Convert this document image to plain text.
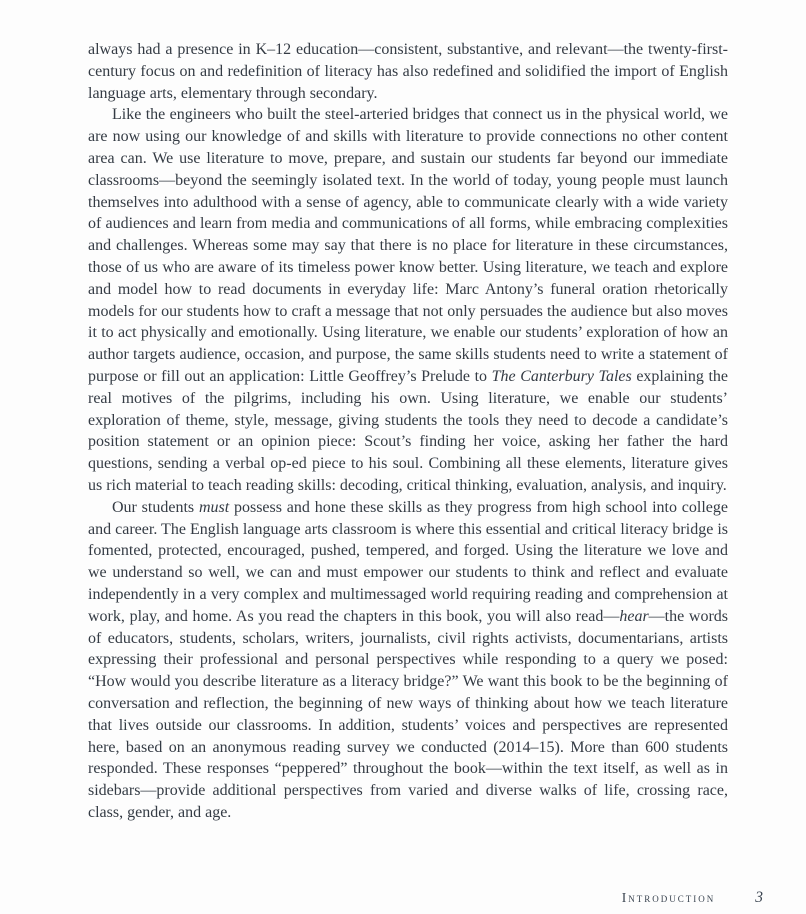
always had a presence in K–12 education—consistent, substantive, and relevant—the twenty-first-century focus on and redefinition of literacy has also redefined and solidified the import of English language arts, elementary through secondary.

Like the engineers who built the steel-arteried bridges that connect us in the physical world, we are now using our knowledge of and skills with literature to provide connections no other content area can. We use literature to move, prepare, and sustain our students far beyond our immediate classrooms—beyond the seemingly isolated text. In the world of today, young people must launch themselves into adulthood with a sense of agency, able to communicate clearly with a wide variety of audiences and learn from media and communications of all forms, while embracing complexities and challenges. Whereas some may say that there is no place for literature in these circumstances, those of us who are aware of its timeless power know better. Using literature, we teach and explore and model how to read documents in everyday life: Marc Antony’s funeral oration rhetorically models for our students how to craft a message that not only persuades the audience but also moves it to act physically and emotionally. Using literature, we enable our students’ exploration of how an author targets audience, occasion, and purpose, the same skills students need to write a statement of purpose or fill out an application: Little Geoffrey’s Prelude to The Canterbury Tales explaining the real motives of the pilgrims, including his own. Using literature, we enable our students’ exploration of theme, style, message, giving students the tools they need to decode a candidate’s position statement or an opinion piece: Scout’s finding her voice, asking her father the hard questions, sending a verbal op-ed piece to his soul. Combining all these elements, literature gives us rich material to teach reading skills: decoding, critical thinking, evaluation, analysis, and inquiry.

Our students must possess and hone these skills as they progress from high school into college and career. The English language arts classroom is where this essential and critical literacy bridge is fomented, protected, encouraged, pushed, tempered, and forged. Using the literature we love and we understand so well, we can and must empower our students to think and reflect and evaluate independently in a very complex and multimessaged world requiring reading and comprehension at work, play, and home. As you read the chapters in this book, you will also read—hear—the words of educators, students, scholars, writers, journalists, civil rights activists, documentarians, artists expressing their professional and personal perspectives while responding to a query we posed: “How would you describe literature as a literacy bridge?” We want this book to be the beginning of conversation and reflection, the beginning of new ways of thinking about how we teach literature that lives outside our classrooms. In addition, students’ voices and perspectives are represented here, based on an anonymous reading survey we conducted (2014–15). More than 600 students responded. These responses “peppered” throughout the book—within the text itself, as well as in sidebars—provide additional perspectives from varied and diverse walks of life, crossing race, class, gender, and age.

Introduction	3
